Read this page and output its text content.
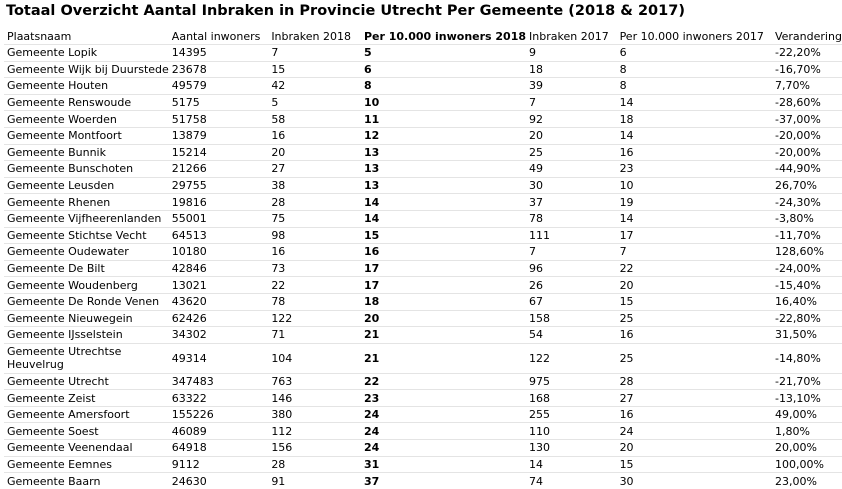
Totaal Overzicht Aantal Inbraken in Provincie Utrecht Per Gemeente (2018 & 2017)
Plaatsnaam	Aantal inwoners	Inbraken 2018	Per 10.000 inwoners 2018	Inbraken 2017	Per 10.000 inwoners 2017	Verandering
Gemeente Lopik	14395	7	5	9	6	-22,20%
Gemeente Wijk bij Duurstede	23678	15	6	18	8	-16,70%
Gemeente Houten	49579	42	8	39	8	7,70%
Gemeente Renswoude	5175	5	10	7	14	-28,60%
Gemeente Woerden	51758	58	11	92	18	-37,00%
Gemeente Montfoort	13879	16	12	20	14	-20,00%
Gemeente Bunnik	15214	20	13	25	16	-20,00%
Gemeente Bunschoten	21266	27	13	49	23	-44,90%
Gemeente Leusden	29755	38	13	30	10	26,70%
Gemeente Rhenen	19816	28	14	37	19	-24,30%
Gemeente Vijfheerenlanden	55001	75	14	78	14	-3,80%
Gemeente Stichtse Vecht	64513	98	15	111	17	-11,70%
Gemeente Oudewater	10180	16	16	7	7	128,60%
Gemeente De Bilt	42846	73	17	96	22	-24,00%
Gemeente Woudenberg	13021	22	17	26	20	-15,40%
Gemeente De Ronde Venen	43620	78	18	67	15	16,40%
Gemeente Nieuwegein	62426	122	20	158	25	-22,80%
Gemeente IJsselstein	34302	71	21	54	16	31,50%
Gemeente Utrechtse Heuvelrug	49314	104	21	122	25	-14,80%
Gemeente Utrecht	347483	763	22	975	28	-21,70%
Gemeente Zeist	63322	146	23	168	27	-13,10%
Gemeente Amersfoort	155226	380	24	255	16	49,00%
Gemeente Soest	46089	112	24	110	24	1,80%
Gemeente Veenendaal	64918	156	24	130	20	20,00%
Gemeente Eemnes	9112	28	31	14	15	100,00%
Gemeente Baarn	24630	91	37	74	30	23,00%
